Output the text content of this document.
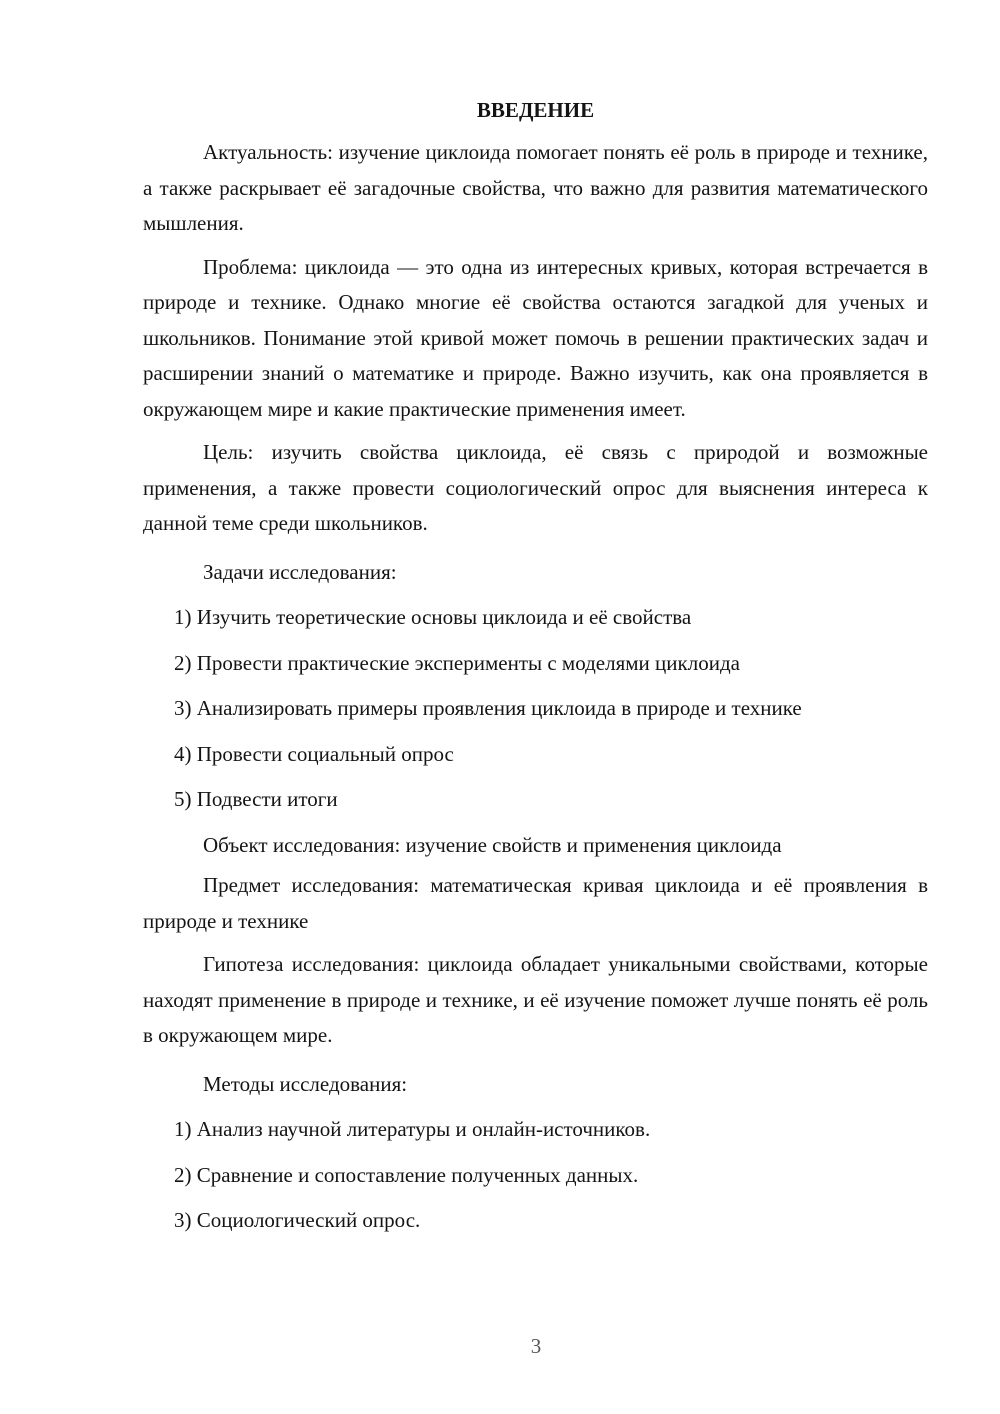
ВВЕДЕНИЕ

Актуальность: изучение циклоида помогает понять её роль в природе и технике, а также раскрывает её загадочные свойства, что важно для развития математического мышления.

Проблема: циклоида — это одна из интересных кривых, которая встречается в природе и технике. Однако многие её свойства остаются загадкой для ученых и школьников. Понимание этой кривой может помочь в решении практических задач и расширении знаний о математике и природе. Важно изучить, как она проявляется в окружающем мире и какие практические применения имеет.

Цель: изучить свойства циклоида, её связь с природой и возможные применения, а также провести социологический опрос для выяснения интереса к данной теме среди школьников.

Задачи исследования:

1) Изучить теоретические основы циклоида и её свойства

2) Провести практические эксперименты с моделями циклоида

3) Анализировать примеры проявления циклоида в природе и технике

4) Провести социальный опрос

5) Подвести итоги

Объект исследования: изучение свойств и применения циклоида

Предмет исследования: математическая кривая циклоида и её проявления в природе и технике

Гипотеза исследования: циклоида обладает уникальными свойствами, которые находят применение в природе и технике, и её изучение поможет лучше понять её роль в окружающем мире.

Методы исследования:

1) Анализ научной литературы и онлайн-источников.

2) Сравнение и сопоставление полученных данных.

3) Социологический опрос.

3
